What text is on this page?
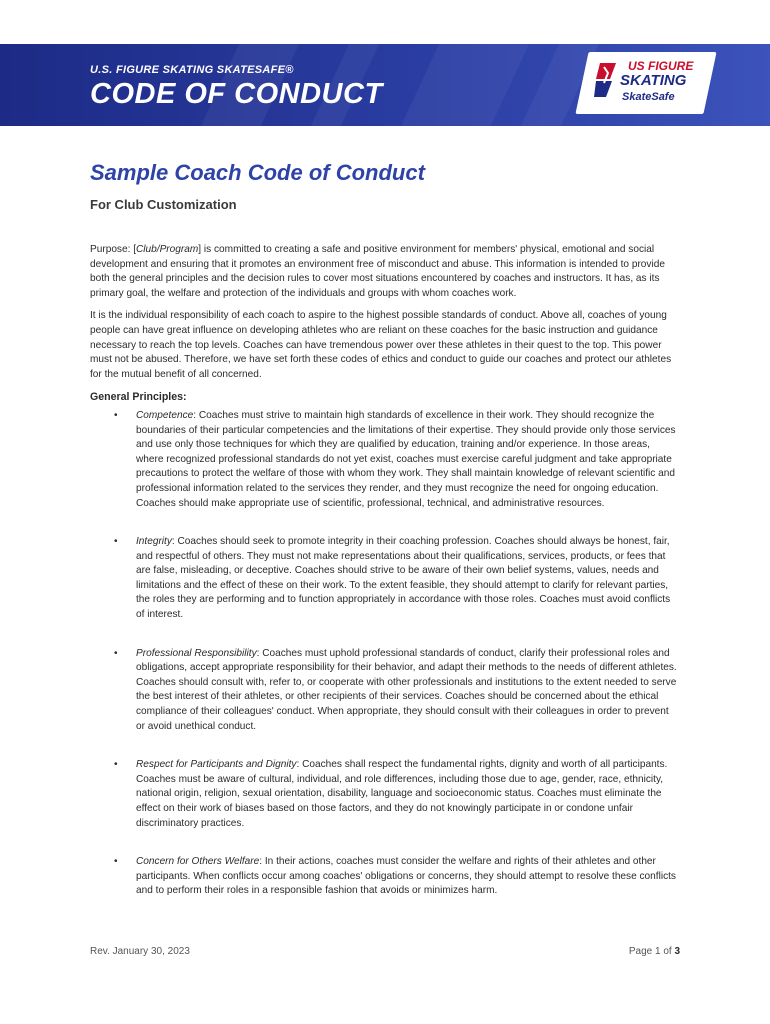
U.S. FIGURE SKATING SKATESAFE®
CODE OF CONDUCT
US FIGURE
SKATING
SkateSafe
Sample Coach Code of Conduct
For Club Customization

Purpose: [Club/Program] is committed to creating a safe and positive environment for members' physical, emotional and social development and ensuring that it promotes an environment free of misconduct and abuse. This information is intended to provide both the general principles and the decision rules to cover most situations encountered by coaches and instructors. It has, as its primary goal, the welfare and protection of the individuals and groups with whom coaches work.

It is the individual responsibility of each coach to aspire to the highest possible standards of conduct. Above all, coaches of young people can have great influence on developing athletes who are reliant on these coaches for the basic instruction and guidance necessary to reach the top levels. Coaches can have tremendous power over these athletes in their quest to the top. This power must not be abused. Therefore, we have set forth these codes of ethics and conduct to guide our coaches and protect our athletes for the mutual benefit of all concerned.

General Principles:
• Competence: Coaches must strive to maintain high standards of excellence in their work. They should recognize the boundaries of their particular competencies and the limitations of their expertise. They should provide only those services and use only those techniques for which they are qualified by education, training and/or experience. In those areas, where recognized professional standards do not yet exist, coaches must exercise careful judgment and take appropriate precautions to protect the welfare of those with whom they work. They shall maintain knowledge of relevant scientific and professional information related to the services they render, and they must recognize the need for ongoing education. Coaches should make appropriate use of scientific, professional, technical, and administrative resources.
• Integrity: Coaches should seek to promote integrity in their coaching profession. Coaches should always be honest, fair, and respectful of others. They must not make representations about their qualifications, services, products, or fees that are false, misleading, or deceptive. Coaches should strive to be aware of their own belief systems, values, needs and limitations and the effect of these on their work. To the extent feasible, they should attempt to clarify for relevant parties, the roles they are performing and to function appropriately in accordance with those roles. Coaches must avoid conflicts of interest.
• Professional Responsibility: Coaches must uphold professional standards of conduct, clarify their professional roles and obligations, accept appropriate responsibility for their behavior, and adapt their methods to the needs of different athletes. Coaches should consult with, refer to, or cooperate with other professionals and institutions to the extent needed to serve the best interest of their athletes, or other recipients of their services. Coaches should be concerned about the ethical compliance of their colleagues' conduct. When appropriate, they should consult with their colleagues in order to prevent or avoid unethical conduct.
• Respect for Participants and Dignity: Coaches shall respect the fundamental rights, dignity and worth of all participants. Coaches must be aware of cultural, individual, and role differences, including those due to age, gender, race, ethnicity, national origin, religion, sexual orientation, disability, language and socioeconomic status. Coaches must eliminate the effect on their work of biases based on those factors, and they do not knowingly participate in or condone unfair discriminatory practices.
• Concern for Others Welfare: In their actions, coaches must consider the welfare and rights of their athletes and other participants. When conflicts occur among coaches' obligations or concerns, they should attempt to resolve these conflicts and to perform their roles in a responsible fashion that avoids or minimizes harm.
Rev. January 30, 2023	Page 1 of 3
